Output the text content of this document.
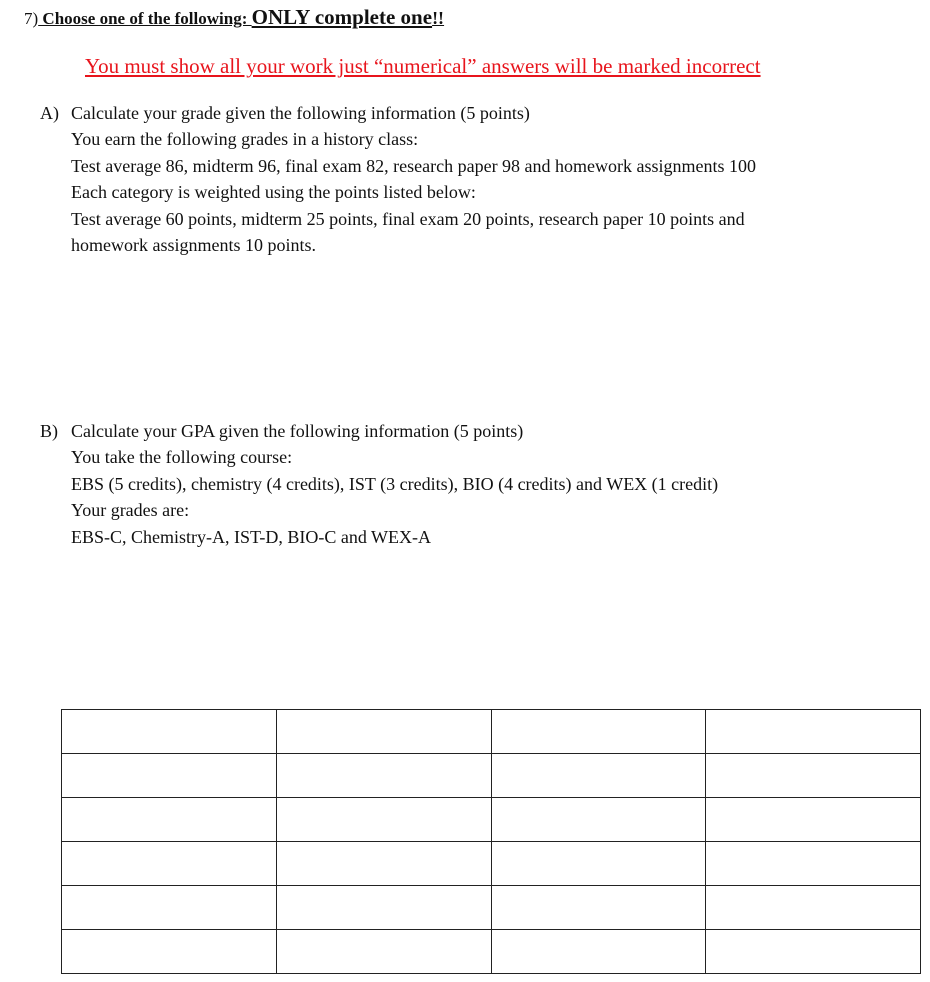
7) Choose one of the following: ONLY complete one!!
You must show all your work just “numerical” answers will be marked incorrect
A) Calculate your grade given the following information (5 points)
You earn the following grades in a history class:
Test average 86, midterm 96, final exam 82, research paper 98 and homework assignments 100
Each category is weighted using the points listed below:
Test average 60 points, midterm 25 points, final exam 20 points, research paper 10 points and
homework assignments 10 points.
B) Calculate your GPA given the following information (5 points)
You take the following course:
EBS (5 credits), chemistry (4 credits), IST (3 credits), BIO (4 credits) and WEX (1 credit)
Your grades are:
EBS-C, Chemistry-A, IST-D, BIO-C and WEX-A
